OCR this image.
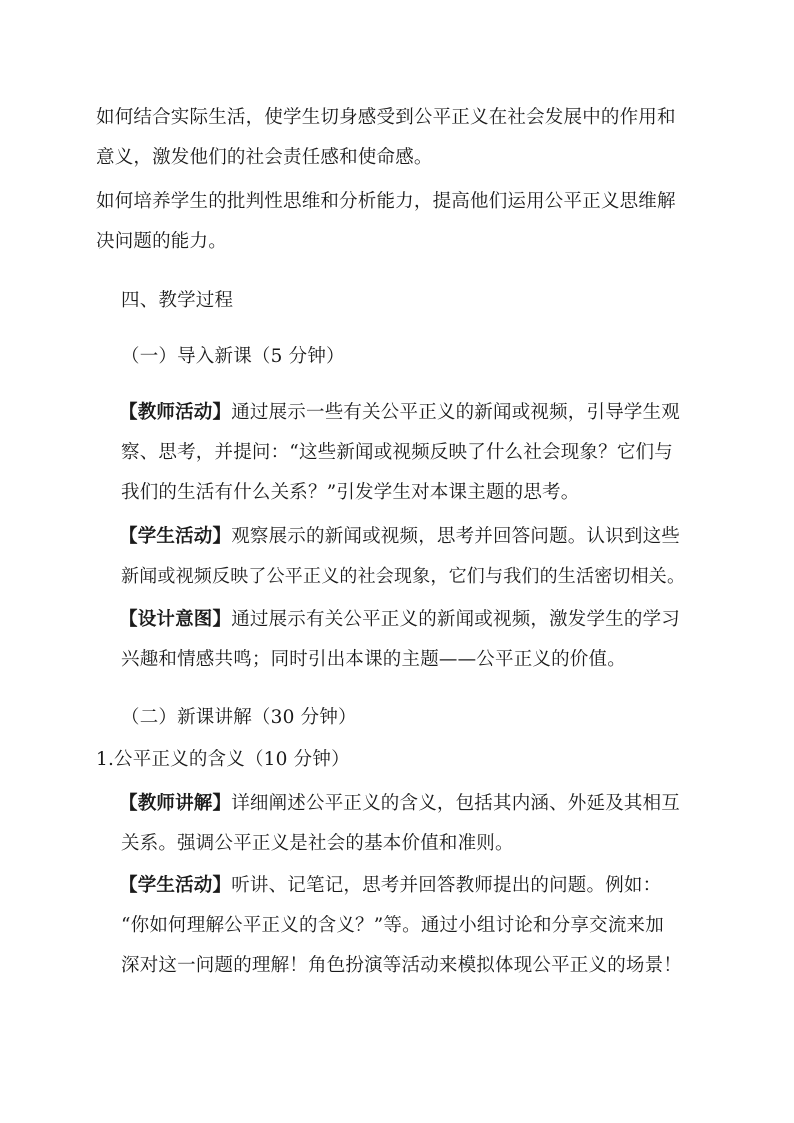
如何结合实际生活，使学生切身感受到公平正义在社会发展中的作用和
意义，激发他们的社会责任感和使命感。
如何培养学生的批判性思维和分析能力，提高他们运用公平正义思维解
决问题的能力。
四、教学过程
（一）导入新课（5 分钟）
【教师活动】通过展示一些有关公平正义的新闻或视频，引导学生观
察、思考，并提问：“这些新闻或视频反映了什么社会现象？它们与
我们的生活有什么关系？”引发学生对本课主题的思考。
【学生活动】观察展示的新闻或视频，思考并回答问题。认识到这些
新闻或视频反映了公平正义的社会现象，它们与我们的生活密切相关。
【设计意图】通过展示有关公平正义的新闻或视频，激发学生的学习
兴趣和情感共鸣；同时引出本课的主题——公平正义的价值。
（二）新课讲解（30 分钟）
1.公平正义的含义（10 分钟）
【教师讲解】详细阐述公平正义的含义，包括其内涵、外延及其相互
关系。强调公平正义是社会的基本价值和准则。
【学生活动】听讲、记笔记，思考并回答教师提出的问题。例如：
“你如何理解公平正义的含义？”等。通过小组讨论和分享交流来加
深对这一问题的理解！角色扮演等活动来模拟体现公平正义的场景！
